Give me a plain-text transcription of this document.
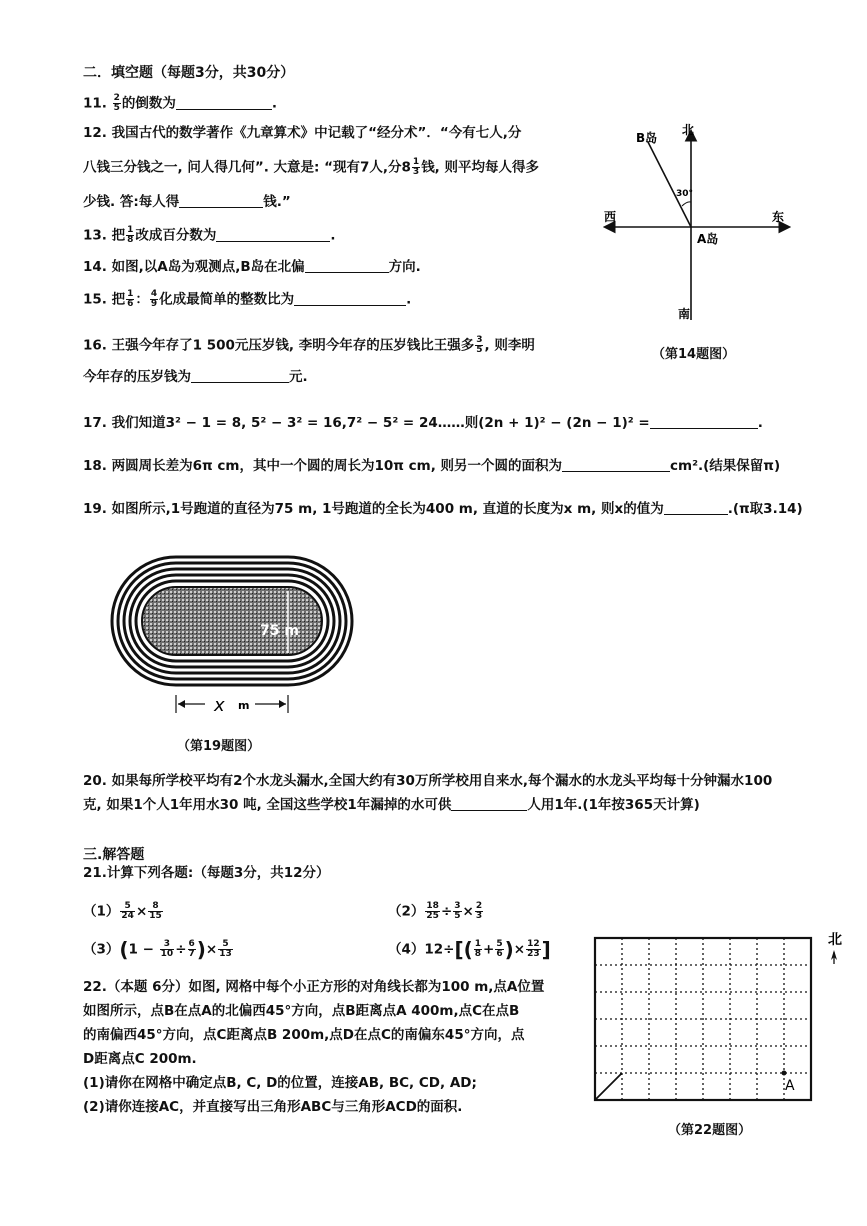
二．填空题（每题3分，共30分）
11. $\frac{2}{5}$ 的倒数为	.
12. 我国古代的数学著作《九章算术》中记载了“经分术”．“今有七人,分
八钱三分钱之一, 问人得几何”. 大意是: “现有7人,分$8 \frac{1}{3}$ 钱, 则平均每人得多
少钱. 答:每人得	钱.”
13. 把 $\frac{1}{8}$ 改成百分数为	.
14. 如图,以A岛为观测点,B岛在北偏	方向.
15. 把 $\frac{1}{6}$ ： $\frac{4}{9}$ 化成最简单的整数比为	.
16. 王强今年存了1 500元压岁钱, 李明今年存的压岁钱比王强多 $\frac{3}{5}$ , 则李明
今年存的压岁钱为	元.
17. 我们知道3² − 1 = 8, 5² − 3² = 16,7² − 5² = 24……则(2n + 1)² − (2n − 1)² =	.
18. 两圆周长差为6π cm，其中一个圆的周长为10π cm, 则另一个圆的面积为	cm².(结果保留π)
19. 如图所示,1号跑道的直径为75 m, 1号跑道的全长为400 m, 直道的长度为x m, 则x的值为	.(π取3.14)
B岛
北
30°
西	东
A岛
南
（第14题图）
75 m
x m
（第19题图）
20. 如果每所学校平均有2个水龙头漏水,全国大约有30万所学校用自来水,每个漏水的水龙头平均每十分钟漏水100
克, 如果1个人1年用水30 吨, 全国这些学校1年漏掉的水可供	人用1年.(1年按365天计算)
三.解答题
21.计算下列各题:（每题3分，共12分）
$(1) \frac{5}{24} \times \frac{8}{15}$	$(2) \frac{18}{25} \div \frac{3}{5} \times \frac{2}{3}$
$(3)(1 - \frac{3}{10} \div \frac{6}{7}$ )× $\frac{5}{13}$	$(4)12\div[( \frac{1}{8} + \frac{5}{6}$ )× $\frac{12}{23}$ ]
22.（本题 6分）如图, 网格中每个小正方形的对角线长都为100 m,点A位置
如图所示，点B在点A的北偏西45°方向，点B距离点A 400m,点C在点B
的南偏西45°方向，点C距离点B 200m,点D在点C的南偏东45°方向，点
D距离点C 200m.
(1)请你在网格中确定点B, C, D的位置，连接AB, BC, CD, AD;
(2)请你连接AC，并直接写出三角形ABC与三角形ACD的面积.
A
北
（第22题图）
